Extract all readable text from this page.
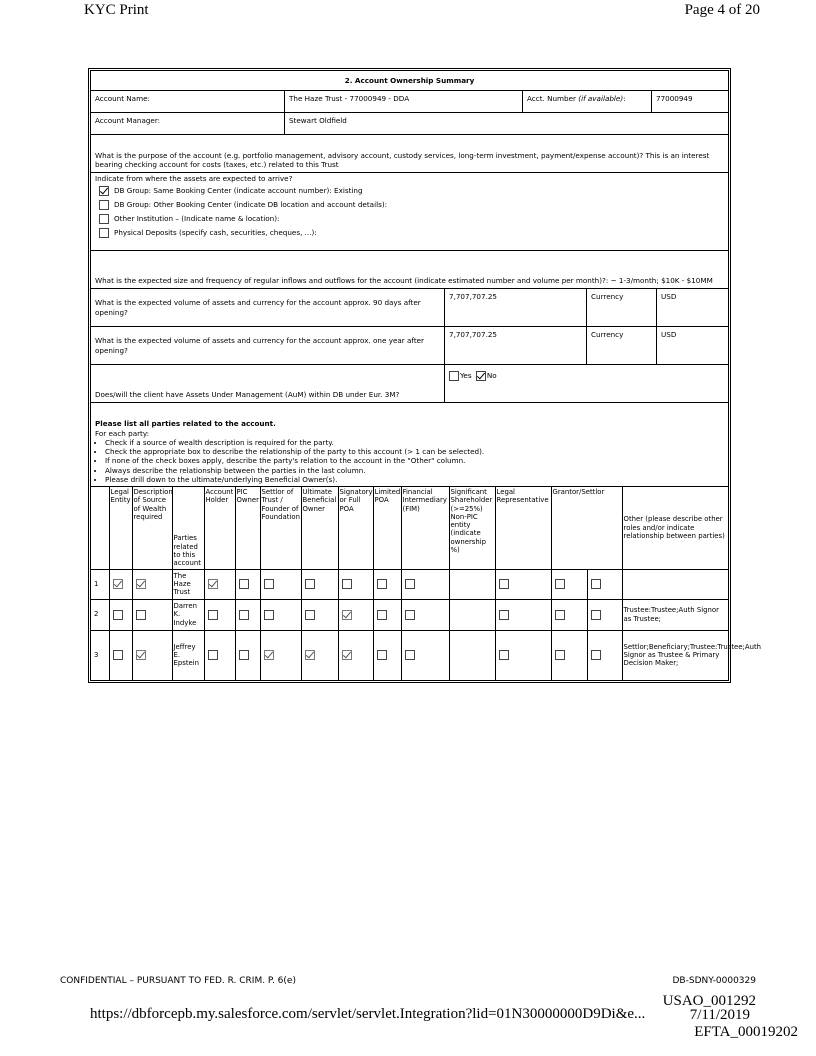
KYC Print	Page 4 of 20
2. Account Ownership Summary
Account Name:	The Haze Trust - 77000949 - DDA	Acct. Number (if available):	77000949
Account Manager:	Stewart Oldfield
What is the purpose of the account (e.g. portfolio management, advisory account, custody services, long-term investment, payment/expense account)? This is an interest bearing checking account for costs (taxes, etc.) related to this Trust
Indicate from where the assets are expected to arrive?
DB Group: Same Booking Center (indicate account number): Existing
DB Group: Other Booking Center (indicate DB location and account details):
Other Institution – (Indicate name & location):
Physical Deposits (specify cash, securities, cheques, ...):
What is the expected size and frequency of regular inflows and outflows for the account (indicate estimated number and volume per month)?: ~ 1-3/month; $10K - $10MM
What is the expected volume of assets and currency for the account approx. 90 days after opening?
7,707,707.25	Currency	USD
What is the expected volume of assets and currency for the account approx. one year after opening?
7,707,707.25	Currency	USD
Does/will the client have Assets Under Management (AuM) within DB under Eur. 3M?
Yes No
Please list all parties related to the account.
For each party:
• Check if a source of wealth description is required for the party.
• Check the appropriate box to describe the relationship of the party to this account (> 1 can be selected).
• If none of the check boxes apply, describe the party's relation to the account in the "Other" column.
• Always describe the relationship between the parties in the last column.
• Please drill down to the ultimate/underlying Beneficial Owner(s).
	Legal Entity	Description of Source of Wealth required	Parties related to this account	Account Holder	PIC Owner	Settlor of Trust / Founder of Foundation	Ultimate Beneficial Owner	Signatory or Full POA	Limited POA	Financial Intermediary (FIM)	Significant Shareholder (>=25%) Non-PIC entity (indicate ownership %)	Legal Representative	Grantor/Settlor		Other (please describe other roles and/or indicate relationship between parties)
1			The Haze Trust												
2			Darren K. Indyke												Trustee:Trustee;Auth Signor as Trustee;
3			Jeffrey E. Epstein												Settlor;Beneficiary;Trustee:Trustee;Auth Signor as Trustee & Primary Decision Maker;
CONFIDENTIAL – PURSUANT TO FED. R. CRIM. P. 6(e)	DB-SDNY-0000329
USAO_001292
https://dbforcepb.my.salesforce.com/servlet/servlet.Integration?lid=01N30000000D9Di&e...	7/11/2019
EFTA_00019202
